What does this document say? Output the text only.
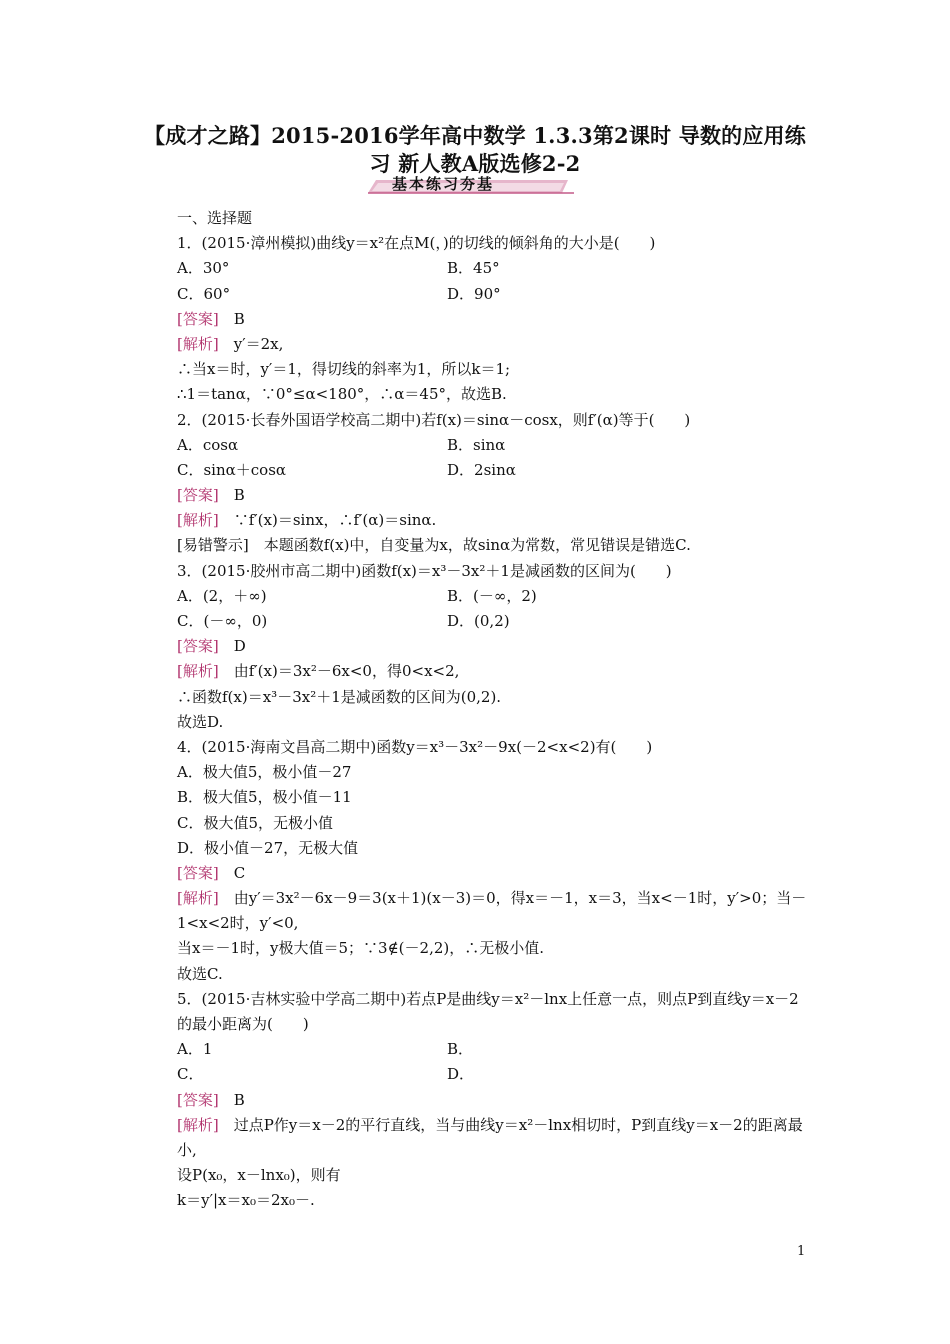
【成才之路】2015-2016学年高中数学 1.3.3第2课时 导数的应用练
习 新人教A版选修2-2
基本练习夯基
一、选择题
1．(2015·漳州模拟)曲线y＝x²在点M(，)的切线的倾斜角的大小是(　　)
A．30°	B．45°
C．60°	D．90°
[答案]　B
[解析]　y′＝2x,
∴当x＝时，y′＝1，得切线的斜率为1，所以k＝1;
∴1＝tanα，∵0°≤α<180°，∴α＝45°，故选B.
2．(2015·长春外国语学校高二期中)若f(x)＝sinα－cosx，则f′(α)等于(　　)
A．cosα	B．sinα
C．sinα＋cosα	D．2sinα
[答案]　B
[解析]　∵f′(x)＝sinx，∴f′(α)＝sinα.
[易错警示]　本题函数f(x)中，自变量为x，故sinα为常数，常见错误是错选C.
3．(2015·胶州市高二期中)函数f(x)＝x³－3x²＋1是减函数的区间为(　　)
A．(2，＋∞)	B．(－∞，2)
C．(－∞，0)	D．(0,2)
[答案]　D
[解析]　由f′(x)＝3x²－6x<0，得0<x<2,
∴函数f(x)＝x³－3x²＋1是减函数的区间为(0,2).
故选D.
4．(2015·海南文昌高二期中)函数y＝x³－3x²－9x(－2<x<2)有(　　)
A．极大值5，极小值－27
B．极大值5，极小值－11
C．极大值5，无极小值
D．极小值－27，无极大值
[答案]　C
[解析]　由y′＝3x²－6x－9＝3(x＋1)(x－3)＝0，得x＝－1，x＝3，当x<－1时，y′>0；当－1<x<2时，y′<0,
当x＝－1时，y极大值＝5；∵3∉(－2,2)，∴无极小值.
故选C.
5．(2015·吉林实验中学高二期中)若点P是曲线y＝x²－lnx上任意一点，则点P到直线y＝x－2的最小距离为(　　)
A．1	B．
C．	D．
[答案]　B
[解析]　过点P作y＝x－2的平行直线，当与曲线y＝x²－lnx相切时，P到直线y＝x－2的距离最小,
设P(x₀，x－lnx₀)，则有
k＝y′|x＝x₀＝2x₀－.
1
